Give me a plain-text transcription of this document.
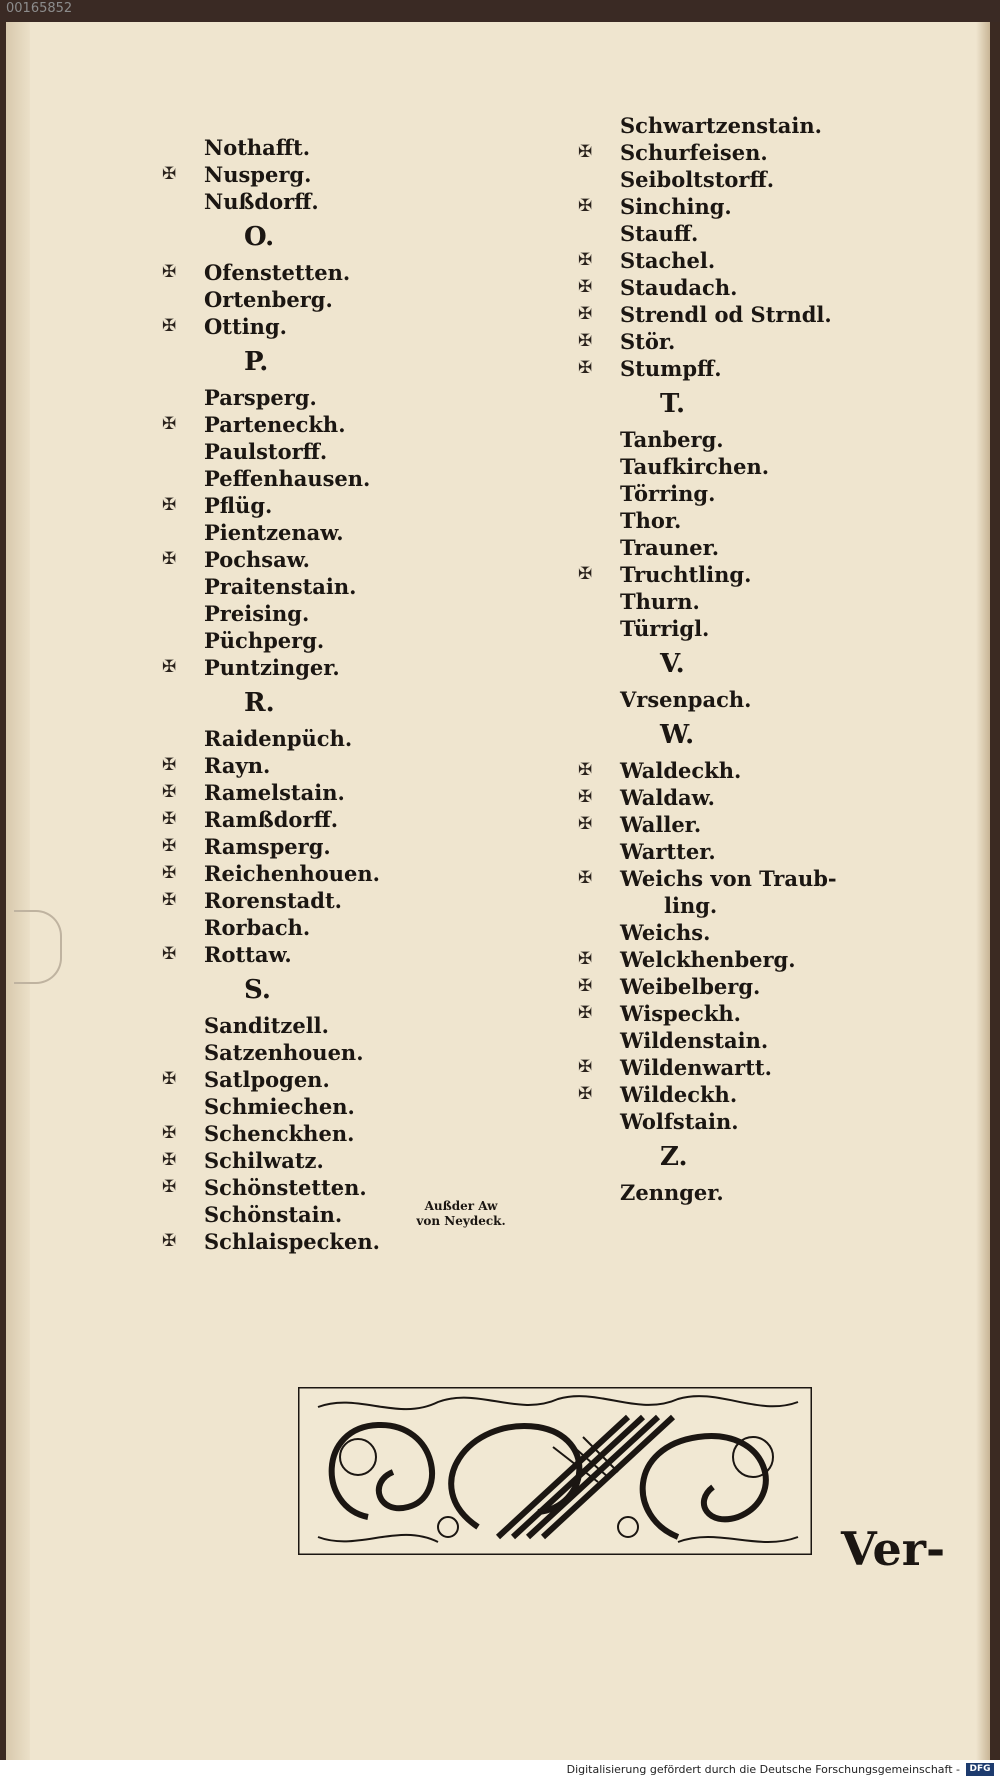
00165852
Nothafft.
✠ Nusperg.
Nußdorff.
O.
✠ Ofenstetten.
Ortenberg.
✠ Otting.
P.
Parsperg.
✠ Parteneckh.
Paulstorff.
Peffenhausen.
✠ Pflüg.
Pientzenaw.
✠ Pochsaw.
Praitenstain.
Preising.
Püchperg.
✠ Puntzinger.
R.
Raidenpüch.
✠ Rayn.
✠ Ramelstain.
✠ Ramßdorff.
✠ Ramsperg.
✠ Reichenhouen.
✠ Rorenstadt.
Rorbach.
✠ Rottaw.
S.
Sanditzell.
Satzenhouen.
✠ Satlpogen.
Schmiechen.
✠ Schenckhen.
✠ Schilwatz.
✠ Schönstetten.
Schönstain.
✠ Schlaispecken.
Schwartzenstain.
✠ Schurfeisen.
Seiboltstorff.
✠ Sinching.
Stauff.
✠ Stachel.
✠ Staudach.
✠ Strendl od Strndl.
✠ Stör.
✠ Stumpff.
T.
Tanberg.
Taufkirchen.
Törring.
Thor.
Trauner.
✠ Truchtling.
Thurn.
Türrigl.
V.
Vrsenpach.
W.
✠ Waldeckh.
✠ Waldaw.
✠ Waller.
Wartter.
✠ Weichs von Traub-
ling.
Weichs.
✠ Welckhenberg.
✠ Weibelberg.
✠ Wispeckh.
Wildenstain.
✠ Wildenwartt.
✠ Wildeckh.
Wolfstain.
Z.
Zennger.
Außder Aw
von Neydeck.
Ver-
Digitalisierung gefördert durch die Deutsche Forschungsgemeinschaft -	DFG
